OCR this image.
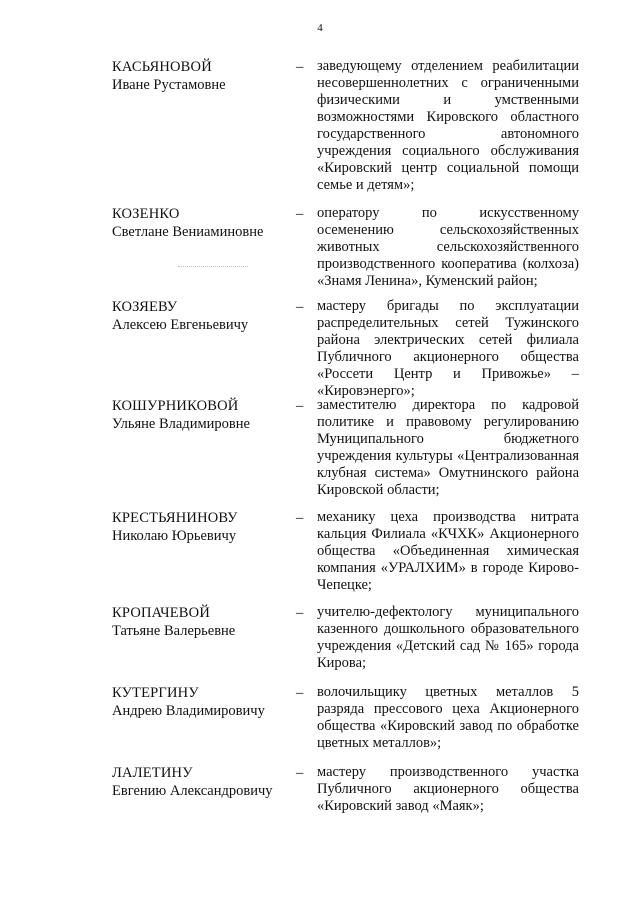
4
КАСЬЯНОВОЙ
Иване Рустамовне
– заведующему отделением реабилитации несовершеннолетних с ограниченными физическими и умственными возможностями Кировского областного государственного автономного учреждения социального обслуживания «Кировский центр социальной помощи семье и детям»;
КОЗЕНКО
Светлане Вениаминовне
– оператору по искусственному осеменению сельскохозяйственных животных сельскохозяйственного производственного кооператива (колхоза) «Знамя Ленина», Куменский район;
КОЗЯЕВУ
Алексею Евгеньевичу
– мастеру бригады по эксплуатации распределительных сетей Тужинского района электрических сетей филиала Публичного акционерного общества «Россети Центр и Привожье» – «Кировэнерго»;
КОШУРНИКОВОЙ
Ульяне Владимировне
– заместителю директора по кадровой политике и правовому регулированию Муниципального бюджетного учреждения культуры «Централизованная клубная система» Омутнинского района Кировской области;
КРЕСТЬЯНИНОВУ
Николаю Юрьевичу
– механику цеха производства нитрата кальция Филиала «КЧХК» Акционерного общества «Объединенная химическая компания «УРАЛХИМ» в городе Кирово-Чепецке;
КРОПАЧЕВОЙ
Татьяне Валерьевне
– учителю-дефектологу муниципального казенного дошкольного образовательного учреждения «Детский сад № 165» города Кирова;
КУТЕРГИНУ
Андрею Владимировичу
– волочильщику цветных металлов 5 разряда прессового цеха Акционерного общества «Кировский завод по обработке цветных металлов»;
ЛАЛЕТИНУ
Евгению Александровичу
– мастеру производственного участка Публичного акционерного общества «Кировский завод «Маяк»;
